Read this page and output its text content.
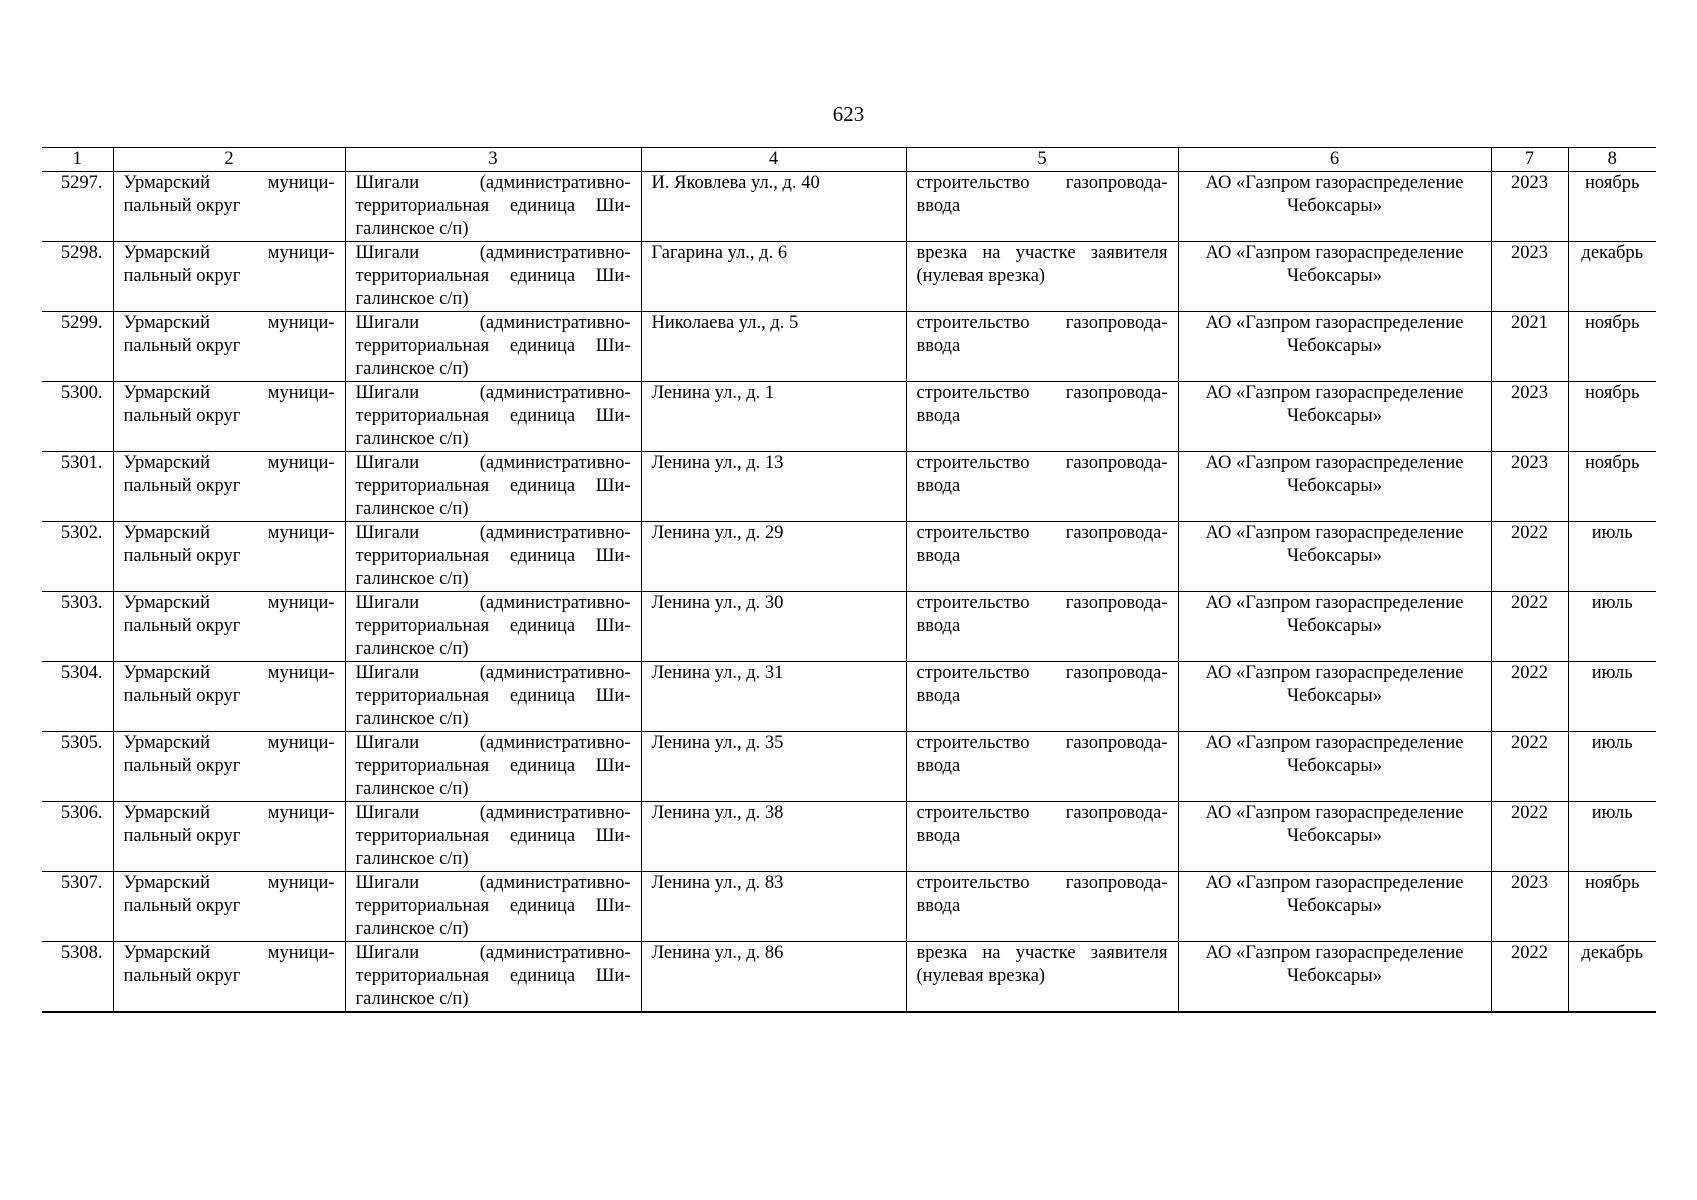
623
1	2	3	4	5	6	7	8
5297.	Урмарский муници-пальный округ	Шигали (административно-территориальная единица Ши-галинское с/п)	И. Яковлева ул., д. 40	строительство газопровода-ввода	АО «Газпром газораспределение Чебоксары»	2023	ноябрь
5298.	Урмарский муници-пальный округ	Шигали (административно-территориальная единица Ши-галинское с/п)	Гагарина ул., д. 6	врезка на участке заявителя (нулевая врезка)	АО «Газпром газораспределение Чебоксары»	2023	декабрь
5299.	Урмарский муници-пальный округ	Шигали (административно-территориальная единица Ши-галинское с/п)	Николаева ул., д. 5	строительство газопровода-ввода	АО «Газпром газораспределение Чебоксары»	2021	ноябрь
5300.	Урмарский муници-пальный округ	Шигали (административно-территориальная единица Ши-галинское с/п)	Ленина ул., д. 1	строительство газопровода-ввода	АО «Газпром газораспределение Чебоксары»	2023	ноябрь
5301.	Урмарский муници-пальный округ	Шигали (административно-территориальная единица Ши-галинское с/п)	Ленина ул., д. 13	строительство газопровода-ввода	АО «Газпром газораспределение Чебоксары»	2023	ноябрь
5302.	Урмарский муници-пальный округ	Шигали (административно-территориальная единица Ши-галинское с/п)	Ленина ул., д. 29	строительство газопровода-ввода	АО «Газпром газораспределение Чебоксары»	2022	июль
5303.	Урмарский муници-пальный округ	Шигали (административно-территориальная единица Ши-галинское с/п)	Ленина ул., д. 30	строительство газопровода-ввода	АО «Газпром газораспределение Чебоксары»	2022	июль
5304.	Урмарский муници-пальный округ	Шигали (административно-территориальная единица Ши-галинское с/п)	Ленина ул., д. 31	строительство газопровода-ввода	АО «Газпром газораспределение Чебоксары»	2022	июль
5305.	Урмарский муници-пальный округ	Шигали (административно-территориальная единица Ши-галинское с/п)	Ленина ул., д. 35	строительство газопровода-ввода	АО «Газпром газораспределение Чебоксары»	2022	июль
5306.	Урмарский муници-пальный округ	Шигали (административно-территориальная единица Ши-галинское с/п)	Ленина ул., д. 38	строительство газопровода-ввода	АО «Газпром газораспределение Чебоксары»	2022	июль
5307.	Урмарский муници-пальный округ	Шигали (административно-территориальная единица Ши-галинское с/п)	Ленина ул., д. 83	строительство газопровода-ввода	АО «Газпром газораспределение Чебоксары»	2023	ноябрь
5308.	Урмарский муници-пальный округ	Шигали (административно-территориальная единица Ши-галинское с/п)	Ленина ул., д. 86	врезка на участке заявителя (нулевая врезка)	АО «Газпром газораспределение Чебоксары»	2022	декабрь
